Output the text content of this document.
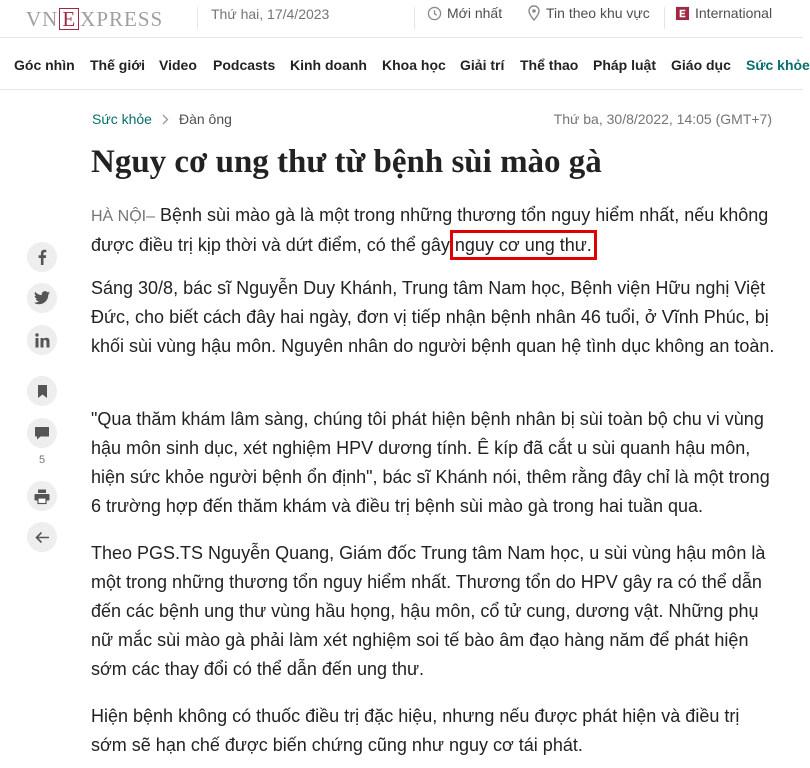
VN E XPRESS	Thứ hai, 17/4/2023	Mới nhất	Tin theo khu vực	International
Góc nhìn Thế giới Video Podcasts Kinh doanh Khoa học Giải trí Thể thao Pháp luật Giáo dục Sức khỏe
Sức khỏe Đàn ông	Thứ ba, 30/8/2022, 14:05 (GMT+7)
Nguy cơ ung thư từ bệnh sùi mào gà

HÀ NỘI– Bệnh sùi mào gà là một trong những thương tổn nguy hiểm nhất, nếu không được điều trị kịp thời và dứt điểm, có thể gây nguy cơ ung thư.

Sáng 30/8, bác sĩ Nguyễn Duy Khánh, Trung tâm Nam học, Bệnh viện Hữu nghị Việt Đức, cho biết cách đây hai ngày, đơn vị tiếp nhận bệnh nhân 46 tuổi, ở Vĩnh Phúc, bị khối sùi vùng hậu môn. Nguyên nhân do người bệnh quan hệ tình dục không an toàn.

"Qua thăm khám lâm sàng, chúng tôi phát hiện bệnh nhân bị sùi toàn bộ chu vi vùng hậu môn sinh dục, xét nghiệm HPV dương tính. Ê kíp đã cắt u sùi quanh hậu môn, hiện sức khỏe người bệnh ổn định", bác sĩ Khánh nói, thêm rằng đây chỉ là một trong 6 trường hợp đến thăm khám và điều trị bệnh sùi mào gà trong hai tuần qua.

Theo PGS.TS Nguyễn Quang, Giám đốc Trung tâm Nam học, u sùi vùng hậu môn là một trong những thương tổn nguy hiểm nhất. Thương tổn do HPV gây ra có thể dẫn đến các bệnh ung thư vùng hầu họng, hậu môn, cổ tử cung, dương vật. Những phụ nữ mắc sùi mào gà phải làm xét nghiệm soi tế bào âm đạo hàng năm để phát hiện sớm các thay đổi có thể dẫn đến ung thư.

Hiện bệnh không có thuốc điều trị đặc hiệu, nhưng nếu được phát hiện và điều trị sớm sẽ hạn chế được biến chứng cũng như nguy cơ tái phát.

5
